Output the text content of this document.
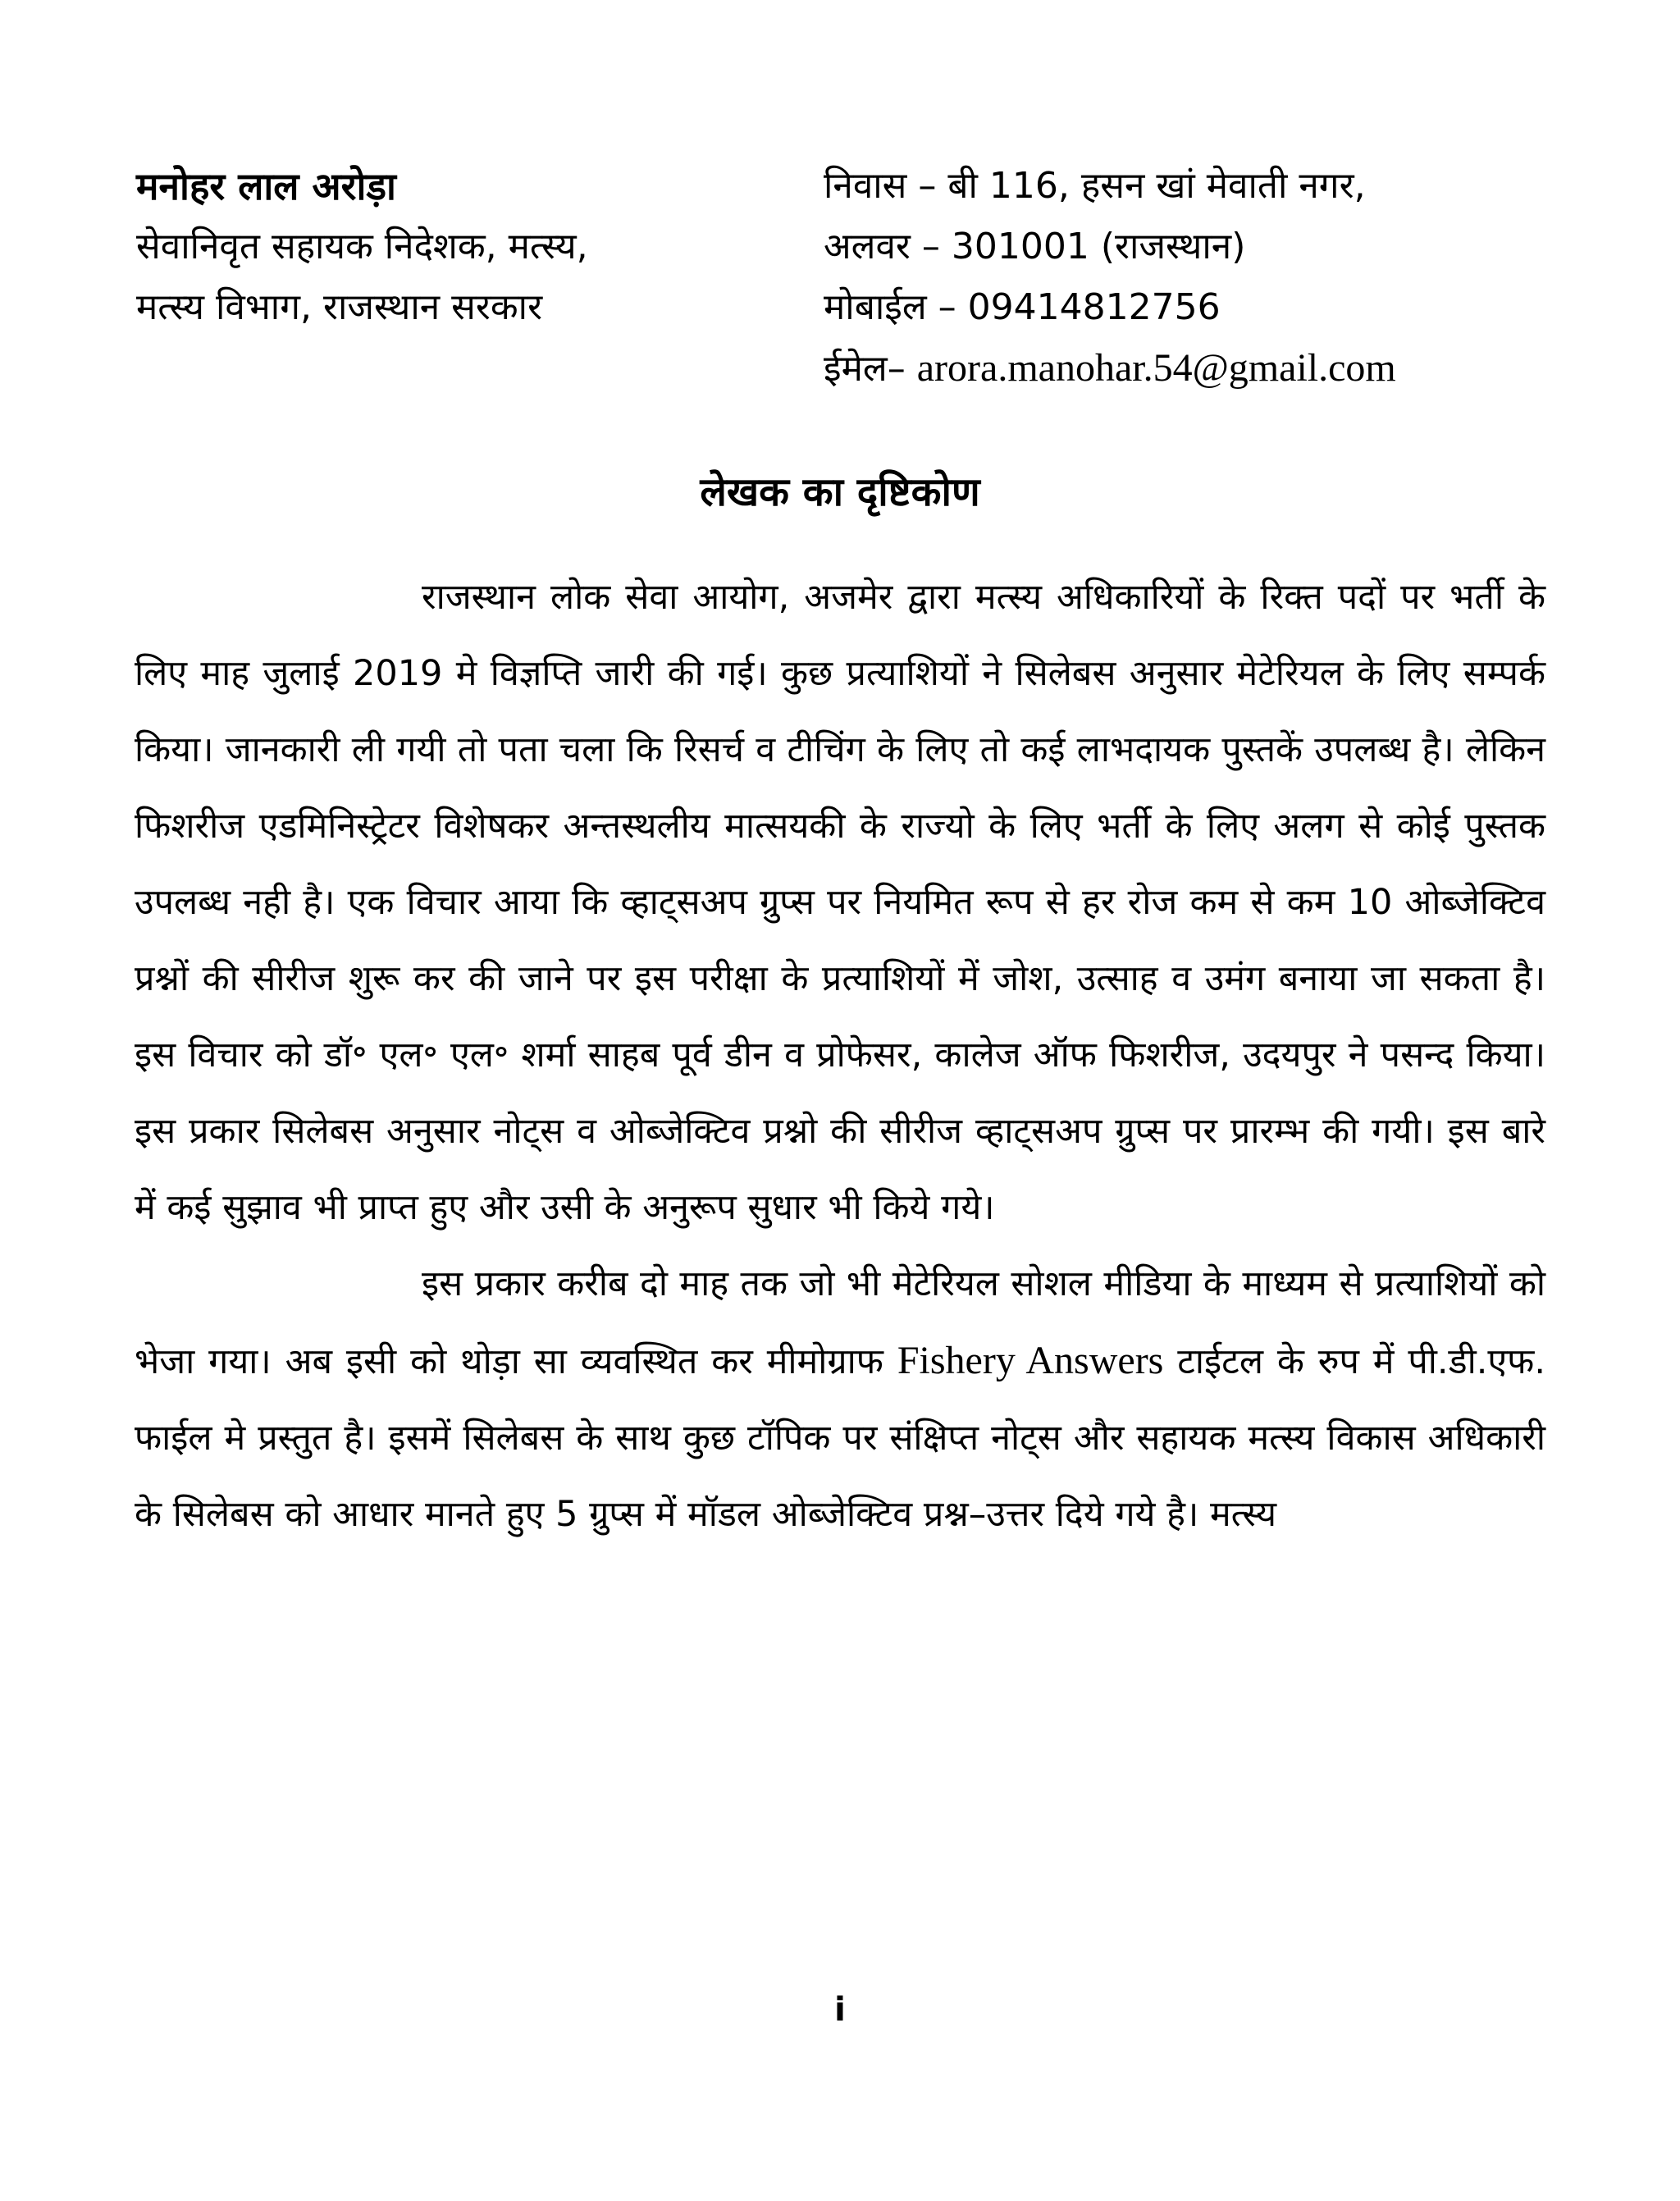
मनोहर लाल अरोड़ा
सेवानिवृत सहायक निदेशक, मत्स्य,
मत्स्य विभाग, राजस्थान सरकार
निवास – बी 116, हसन खां मेवाती नगर,
अलवर – 301001 (राजस्थान)
मोबाईल – 09414812756
ईमेल– arora.manohar.54@gmail.com
लेखक का दृष्टिकोण

राजस्थान लोक सेवा आयोग, अजमेर द्वारा मत्स्य अधिकारियों के रिक्त पदों पर भर्ती के लिए माह जुलाई 2019 मे विज्ञप्ति जारी की गई। कुछ प्रत्याशियों ने सिलेबस अनुसार मेटेरियल के लिए सम्पर्क किया। जानकारी ली गयी तो पता चला कि रिसर्च व टीचिंग के लिए तो कई लाभदायक पुस्तकें उपलब्ध है। लेकिन फिशरीज एडमिनिस्ट्रेटर विशेषकर अन्तस्थलीय मात्सयकी के राज्यो के लिए भर्ती के लिए अलग से कोई पुस्तक उपलब्ध नही है। एक विचार आया कि व्हाट्सअप ग्रुप्स पर नियमित रूप से हर रोज कम से कम 10 ओब्जेक्टिव प्रश्नों की सीरीज शुरू कर की जाने पर इस परीक्षा के प्रत्याशियों में जोश, उत्साह व उमंग बनाया जा सकता है। इस विचार को डॉ॰ एल॰ एल॰ शर्मा साहब पूर्व डीन व प्रोफेसर, कालेज ऑफ फिशरीज, उदयपुर ने पसन्द किया। इस प्रकार सिलेबस अनुसार नोट्स व ओब्जेक्टिव प्रश्नो की सीरीज व्हाट्सअप ग्रुप्स पर प्रारम्भ की गयी। इस बारे में कई सुझाव भी प्राप्त हुए और उसी के अनुरूप सुधार भी किये गये।

इस प्रकार करीब दो माह तक जो भी मेटेरियल सोशल मीडिया के माध्यम से प्रत्याशियों को भेजा गया। अब इसी को थोड़ा सा व्यवस्थित कर मीमोग्राफ Fishery Answers टाईटल के रुप में पी.डी.एफ. फाईल मे प्रस्तुत है। इसमें सिलेबस के साथ कुछ टॉपिक पर संक्षिप्त नोट्स और सहायक मत्स्य विकास अधिकारी के सिलेबस को आधार मानते हुए 5 ग्रुप्स में मॉडल ओब्जेक्टिव प्रश्न–उत्तर दिये गये है। मत्स्य

i
